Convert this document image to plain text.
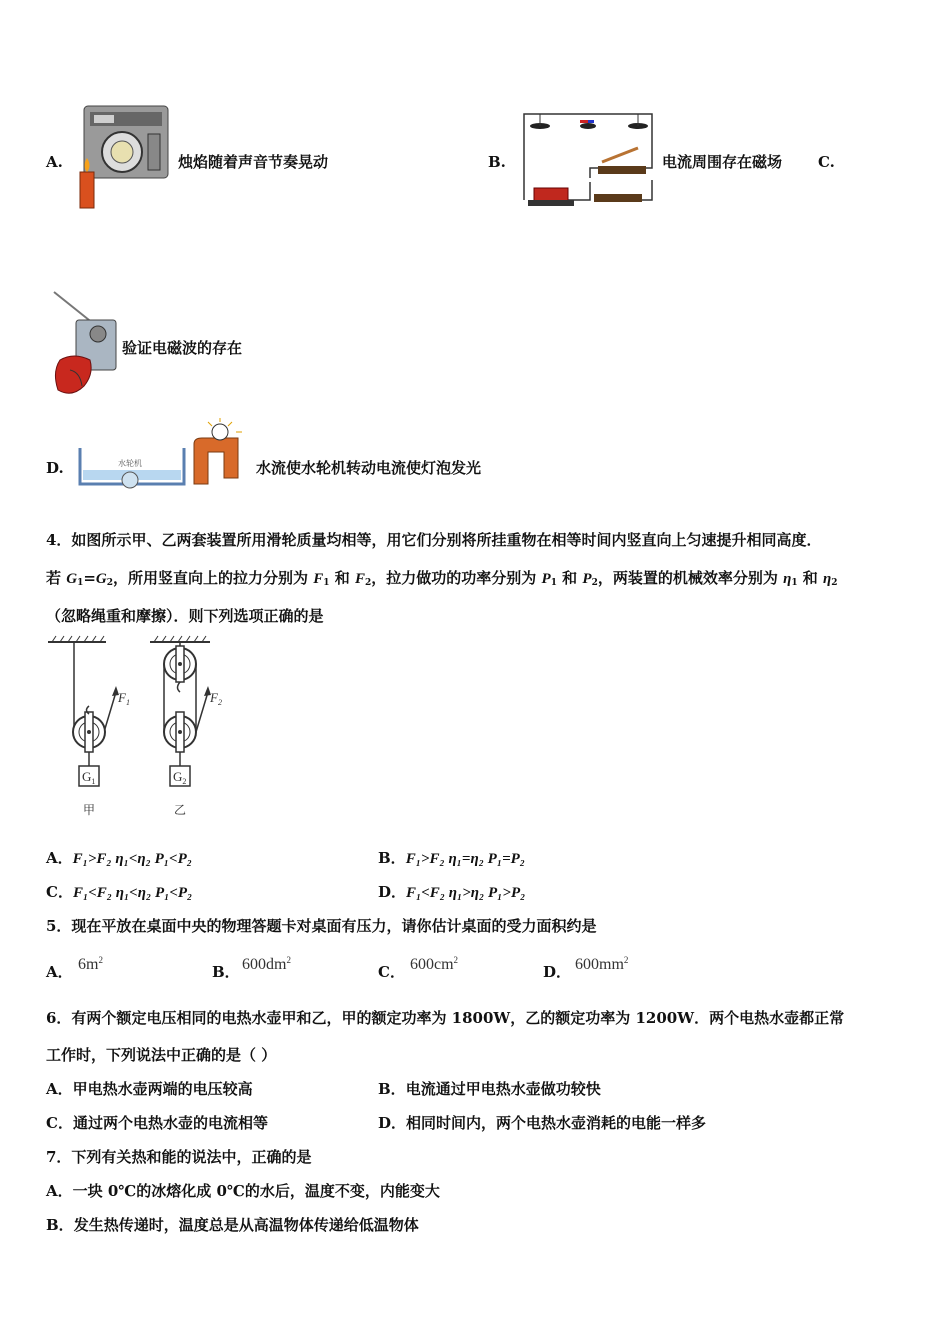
A.	烛焰随着声音节奏晃动	B.	电流周围存在磁场 C.
验证电磁波的存在
D.	水轮机	水流使水轮机转动电流使灯泡发光
4．如图所示甲、乙两套装置所用滑轮质量均相等，用它们分别将所挂重物在相等时间内竖直向上匀速提升相同高度．
若 $G_1=G_2$，所用竖直向上的拉力分别为 $F_1$ 和 $F_2$，拉力做功的功率分别为 $P_1$ 和 $P_2$，两装置的机械效率分别为 $\eta_1$ 和 $\eta_2$
（忽略绳重和摩擦）．则下列选项正确的是
$F_1$
$G_1$
甲
$F_2$
$G_2$
乙
A．F₁>F₂ η₁<η₂ P₁<P₂	B．F₁>F₂ η₁=η₂ P₁=P₂
C．F₁<F₂ η₁<η₂ P₁<P₂	D．F₁<F₂ η₁>η₂ P₁>P₂
5．现在平放在桌面中央的物理答题卡对桌面有压力，请你估计桌面的受力面积约是
A． $6m^2$
B． $600dm^2$
C． $600cm^2$
D． $600mm^2$
6．有两个额定电压相同的电热水壶甲和乙，甲的额定功率为 1800W，乙的额定功率为 1200W．两个电热水壶都正常
工作时，下列说法中正确的是（ ）
A．甲电热水壶两端的电压较高	B．电流通过甲电热水壶做功较快
C．通过两个电热水壶的电流相等	D．相同时间内，两个电热水壶消耗的电能一样多
7．下列有关热和能的说法中，正确的是
A．一块 0℃的冰熔化成 0℃的水后，温度不变，内能变大
B．发生热传递时，温度总是从高温物体传递给低温物体
